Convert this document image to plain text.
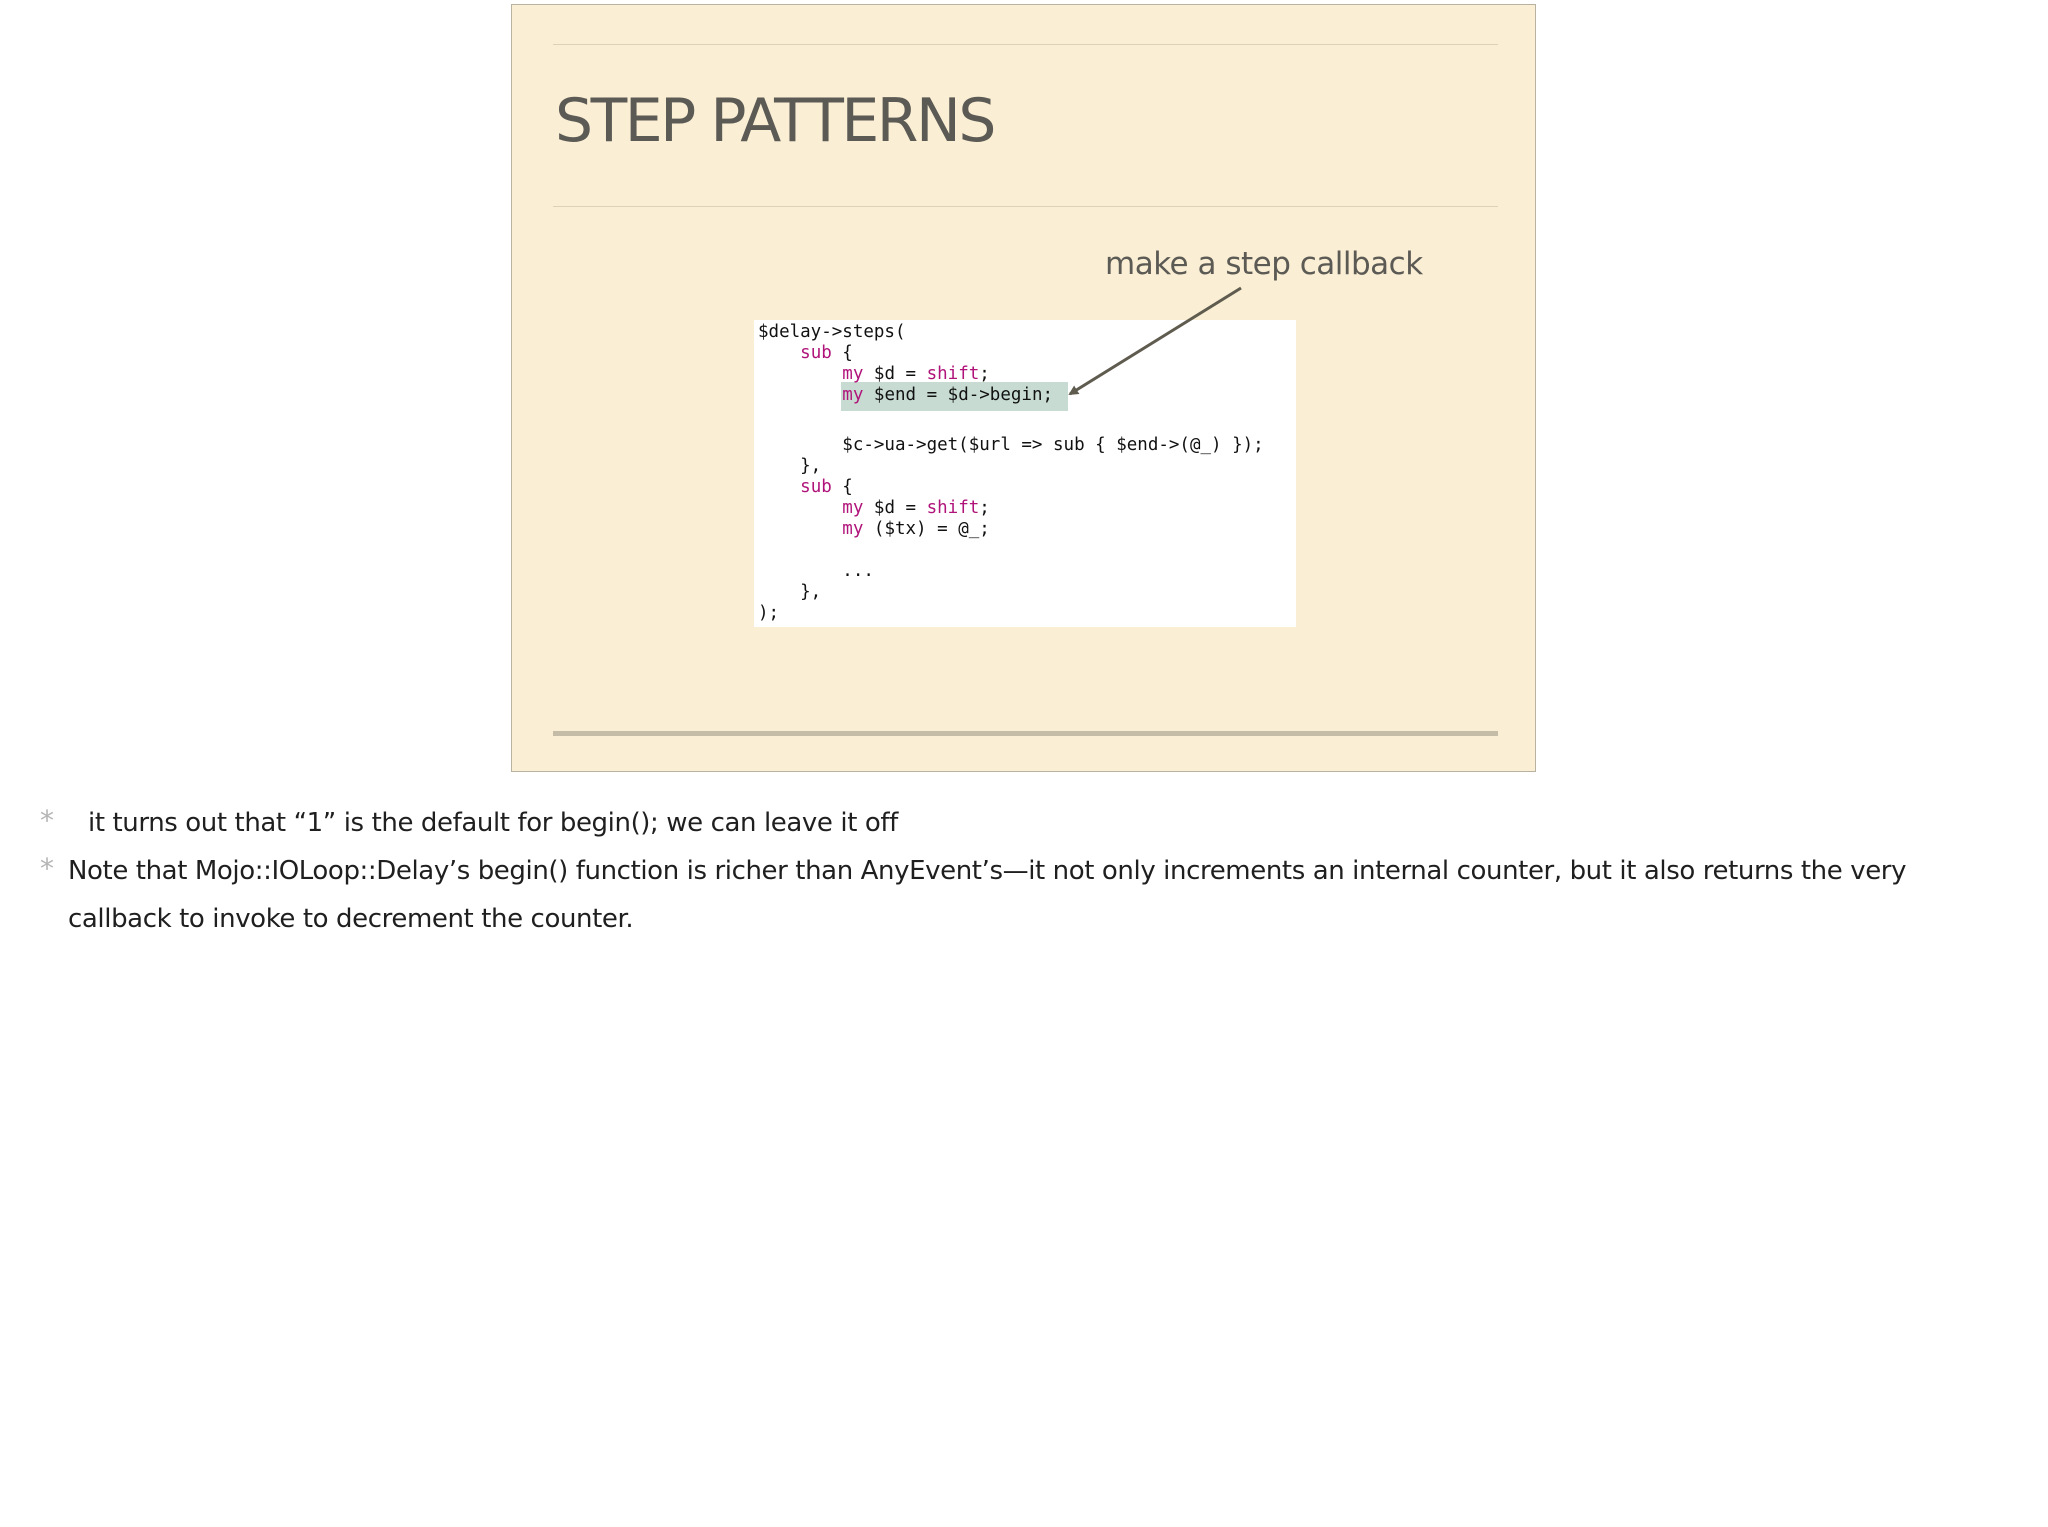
STEP PATTERNS
make a step callback
$delay->steps(
sub {
my $d = shift;
my $end = $d->begin;
$c->ua->get($url => sub { $end->(@_) });
},
sub {
my $d = shift;
my ($tx) = @_;
...
},
);
* it turns out that “1” is the default for begin(); we can leave it off
* Note that Mojo::IOLoop::Delay’s begin() function is richer than AnyEvent’s—it not only increments an internal counter, but it also returns the very
callback to invoke to decrement the counter.
